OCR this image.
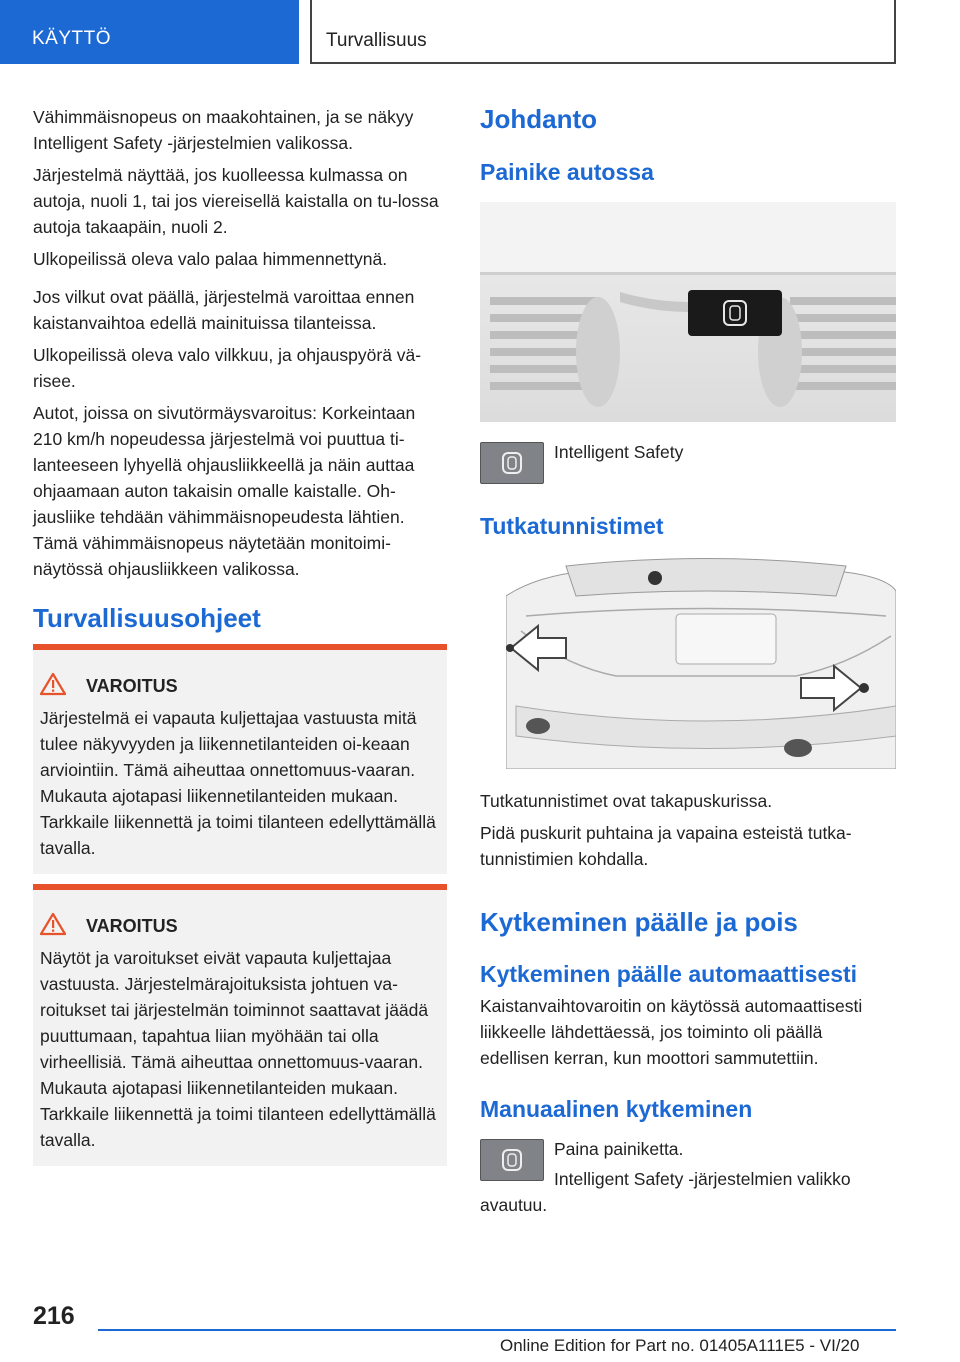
KÄYTTÖ	Turvallisuus

Vähimmäisnopeus on maakohtainen, ja se näkyy Intelligent Safety -järjestelmien valikossa.

Järjestelmä näyttää, jos kuolleessa kulmassa on autoja, nuoli 1, tai jos viereisellä kaistalla on tu-lossa autoja takaapäin, nuoli 2.

Ulkopeilissä oleva valo palaa himmennettynä.

Jos vilkut ovat päällä, järjestelmä varoittaa ennen kaistanvaihtoa edellä mainituissa tilanteissa.

Ulkopeilissä oleva valo vilkkuu, ja ohjauspyörä vä-risee.

Autot, joissa on sivutörmäysvaroitus: Korkeintaan 210 km/h nopeudessa järjestelmä voi puuttua ti-lanteeseen lyhyellä ohjausliikkeellä ja näin auttaa ohjaamaan auton takaisin omalle kaistalle. Oh-jausliike tehdään vähimmäisnopeudesta lähtien. Tämä vähimmäisnopeus näytetään monitoimi-näytössä ohjausliikkeen valikossa.

Turvallisuusohjeet
VAROITUS

Järjestelmä ei vapauta kuljettajaa vastuusta mitä tulee näkyvyyden ja liikennetilanteiden oi-keaan arviointiin. Tämä aiheuttaa onnettomuus-vaaran. Mukauta ajotapasi liikennetilanteiden mukaan. Tarkkaile liikennettä ja toimi tilanteen edellyttämällä tavalla.

VAROITUS

Näytöt ja varoitukset eivät vapauta kuljettajaa vastuusta. Järjestelmärajoituksista johtuen va-roitukset tai järjestelmän toiminnot saattavat jäädä puuttumaan, tapahtua liian myöhään tai olla virheellisiä. Tämä aiheuttaa onnettomuus-vaaran. Mukauta ajotapasi liikennetilanteiden mukaan. Tarkkaile liikennettä ja toimi tilanteen edellyttämällä tavalla.

Johdanto
Painike autossa

Intelligent Safety

Tutkatunnistimet

Tutkatunnistimet ovat takapuskurissa.

Pidä puskurit puhtaina ja vapaina esteistä tutka-tunnistimien kohdalla.

Kytkeminen päälle ja pois
Kytkeminen päälle automaattisesti

Kaistanvaihtovaroitin on käytössä automaattisesti liikkeelle lähdettäessä, jos toiminto oli päällä edellisen kerran, kun moottori sammutettiin.

Manuaalinen kytkeminen

Paina painiketta.

Intelligent Safety -järjestelmien valikko avautuu.

216
Online Edition for Part no. 01405A111E5 - VI/20
